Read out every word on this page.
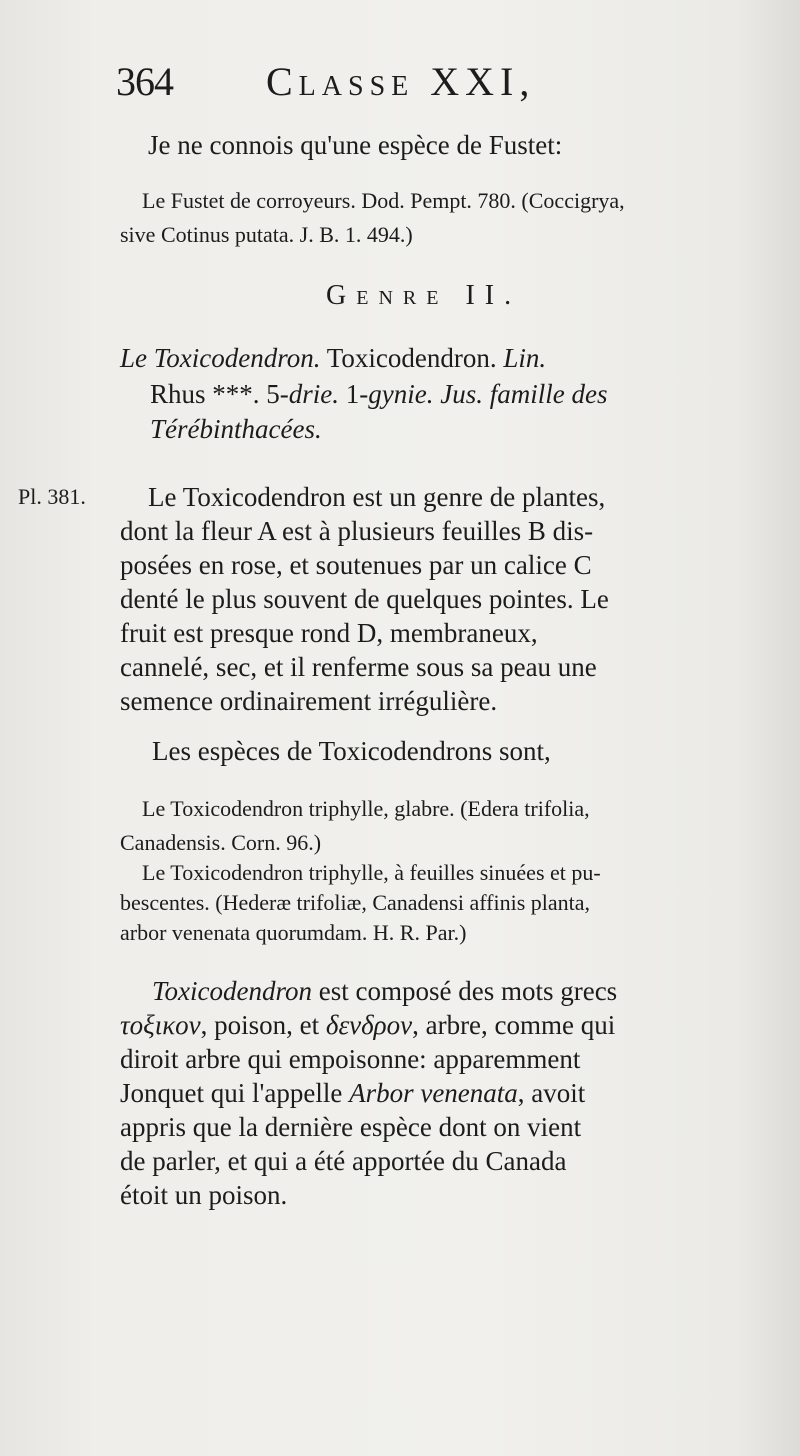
364 Classe XXI,
Je ne connois qu'une espèce de Fustet:
Le Fustet de corroyeurs. Dod. Pempt. 780. (Coccigrya,
sive Cotinus putata. J. B. 1. 494.)
Genre II.
Le Toxicodendron. Toxicodendron. Lin.
Rhus ***. 5-drie. 1-gynie. Jus. famille des
Térébinthacées.
Pl. 381. Le Toxicodendron est un genre de plantes,
dont la fleur A est à plusieurs feuilles B dis-
posées en rose, et soutenues par un calice C
denté le plus souvent de quelques pointes. Le
fruit est presque rond D, membraneux,
cannelé, sec, et il renferme sous sa peau une
semence ordinairement irrégulière.
Les espèces de Toxicodendrons sont,
Le Toxicodendron triphylle, glabre. (Edera trifolia,
Canadensis. Corn. 96.)
Le Toxicodendron triphylle, à feuilles sinuées et pu-
bescentes. (Hederæ trifoliæ, Canadensi affinis planta,
arbor venenata quorumdam. H. R. Par.)
Toxicodendron est composé des mots grecs
τοξικον, poison, et δενδρον, arbre, comme qui
diroit arbre qui empoisonne: apparemment
Jonquet qui l'appelle Arbor venenata, avoit
appris que la dernière espèce dont on vient
de parler, et qui a été apportée du Canada
étoit un poison.
